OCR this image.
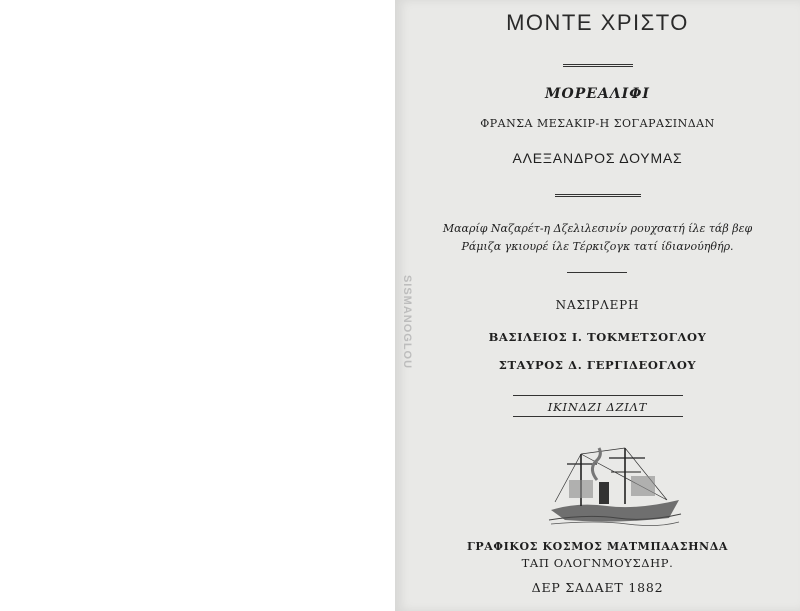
ΜΟΝΤΕ ΧΡΙΣΤΟ
ΜΟΡΕΑΛΙΦΙ
ΦΡΑΝΣΑ ΜΕΣΑΚΙΡ-Η ΣΟΓΑΡΑΣΙΝΔΑΝ
ΑΛΕΞΑΝΔΡΟΣ ΔΟΥΜΑΣ
Μααρίφ Ναζαρέτ-η Δζελιλεσινίν ρουχσατή ίλε τάβ βεφ
Ράμιζα γκιουρέ ίλε Τέρκιζογκ τατί ίδιανούηθήρ.
ΝΑΣΙΡΛΕΡΗ
ΒΑΣΙΛΕΙΟΣ Ι. ΤΟΚΜΕΤΣΟΓΛΟΥ
ΣΤΑΥΡΟΣ Δ. ΓΕΡΓΙΔΕΟΓΛΟΥ
ΙΚΙΝΔΖΙ ΔΖΙΛΤ
ΓΡΑΦΙΚΟΣ ΚΟΣΜΟΣ ΜΑΤΜΠΑΑΣΗΝΔΑ
ΤΑΠ ΟΛΟΓΝΜΟΥΣΔΗΡ.
ΔΕΡ ΣΑΔΑΕΤ 1882
SISMANOGLOU
